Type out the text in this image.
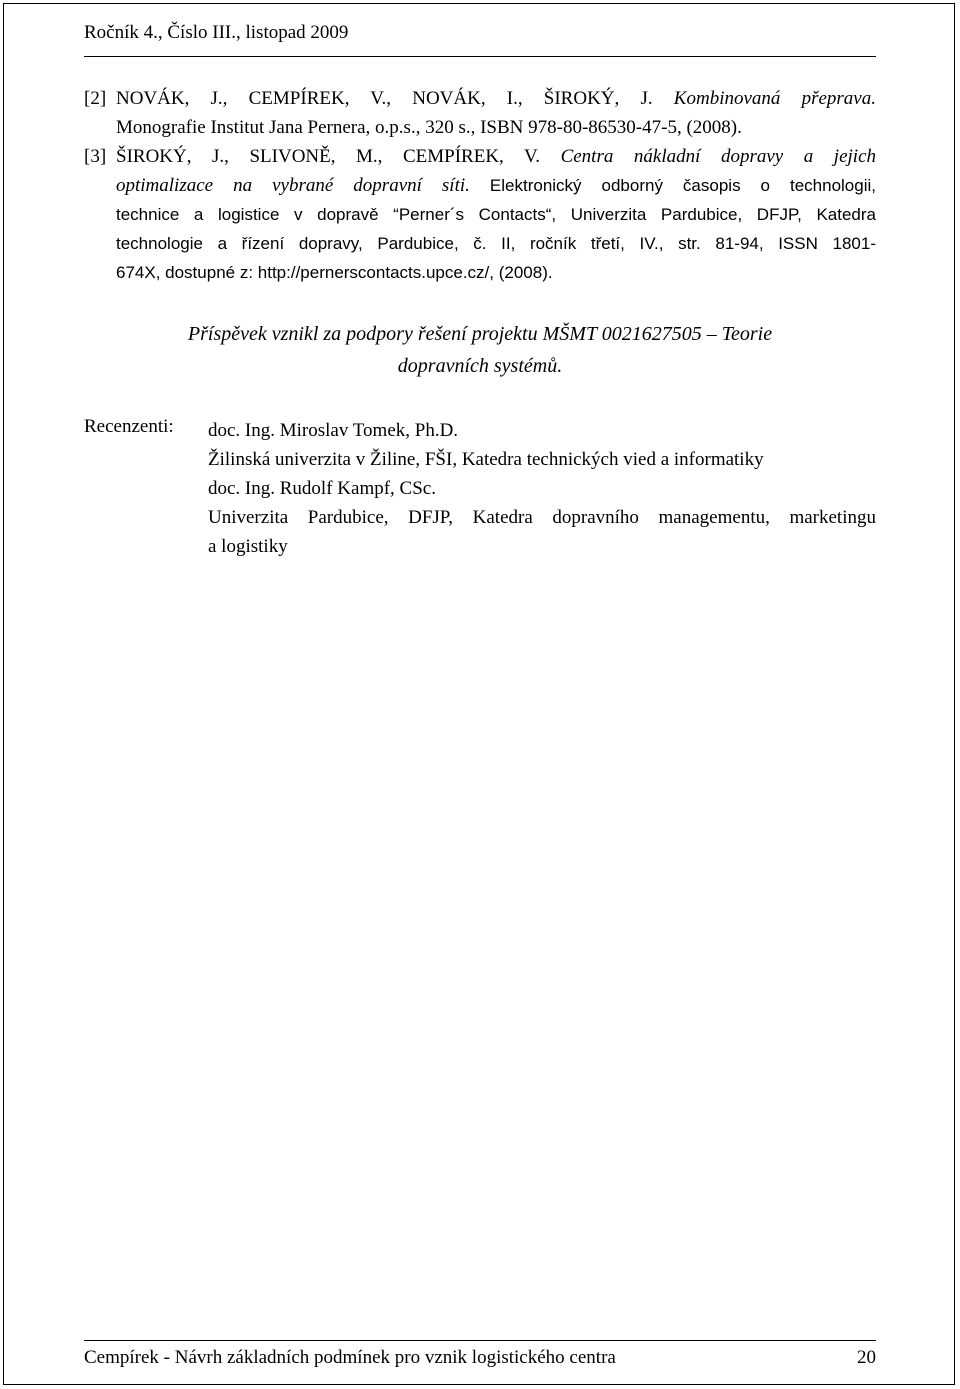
Ročník 4., Číslo III., listopad 2009
[2] NOVÁK, J., CEMPÍREK, V., NOVÁK, I., ŠIROKÝ, J. Kombinovaná přeprava.
Monografie Institut Jana Pernera, o.p.s., 320 s., ISBN 978-80-86530-47-5, (2008).
[3] ŠIROKÝ, J., SLIVONĚ, M., CEMPÍREK, V. Centra nákladní dopravy a jejich
optimalizace na vybrané dopravní síti. Elektronický odborný časopis o technologii,
technice a logistice v dopravě “Perner´s Contacts“, Univerzita Pardubice, DFJP, Katedra
technologie a řízení dopravy, Pardubice, č. II, ročník třetí, IV., str. 81-94, ISSN 1801-
674X, dostupné z: http://pernerscontacts.upce.cz/, (2008).
Příspěvek vznikl za podpory řešení projektu MŠMT 0021627505 – Teorie
dopravních systémů.
Recenzenti: doc. Ing. Miroslav Tomek, Ph.D.
Žilinská univerzita v Žiline, FŠI, Katedra technických vied a informatiky
doc. Ing. Rudolf Kampf, CSc.
Univerzita Pardubice, DFJP, Katedra dopravního managementu, marketingu
a logistiky
Cempírek - Návrh základních podmínek pro vznik logistického centra	20
